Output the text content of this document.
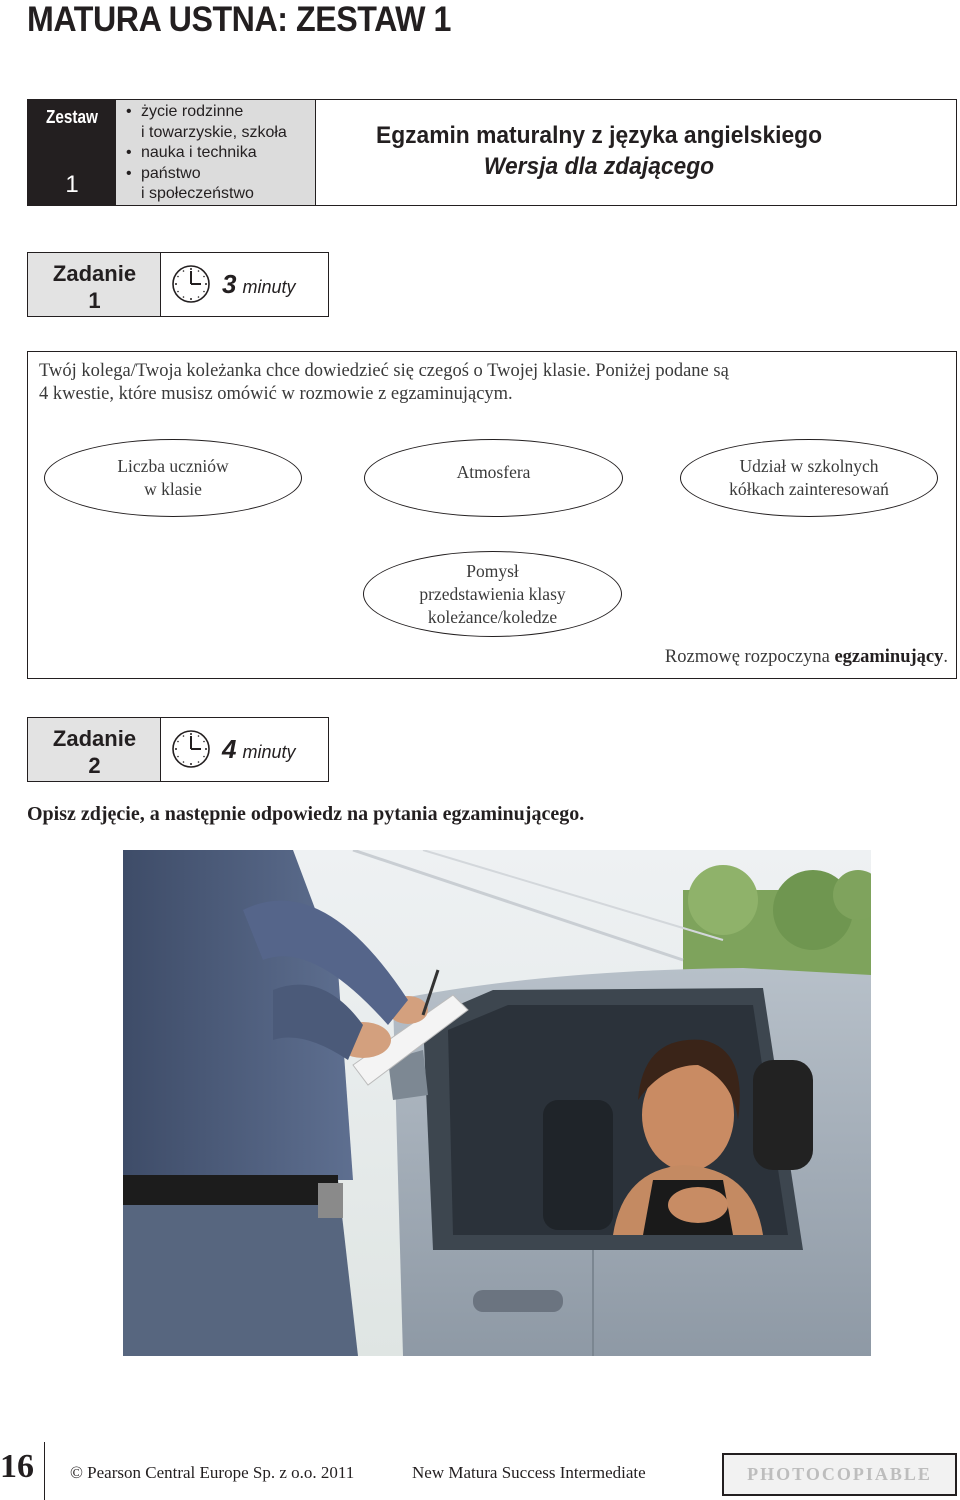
MATURA USTNA: ZESTAW 1
Zestaw
1
• życie rodzinne
i towarzyskie, szkoła
• nauka i technika
• państwo
i społeczeństwo
Egzamin maturalny z języka angielskiego
Wersja dla zdającego
Zadanie
1
3 minuty
Twój kolega/Twoja koleżanka chce dowiedzieć się czegoś o Twojej klasie. Poniżej podane są
4 kwestie, które musisz omówić w rozmowie z egzaminującym.
Liczba uczniów
w klasie
Atmosfera	Udział w szkolnych
kółkach zainteresowań
Pomysł
przedstawienia klasy
koleżance/koledze
Rozmowę rozpoczyna egzaminujący.
Zadanie
2
4 minuty
Opisz zdjęcie, a następnie odpowiedz na pytania egzaminującego.
16 © Pearson Central Europe Sp. z o.o. 2011	New Matura Success Intermediate	PHOTOCOPIABLE
